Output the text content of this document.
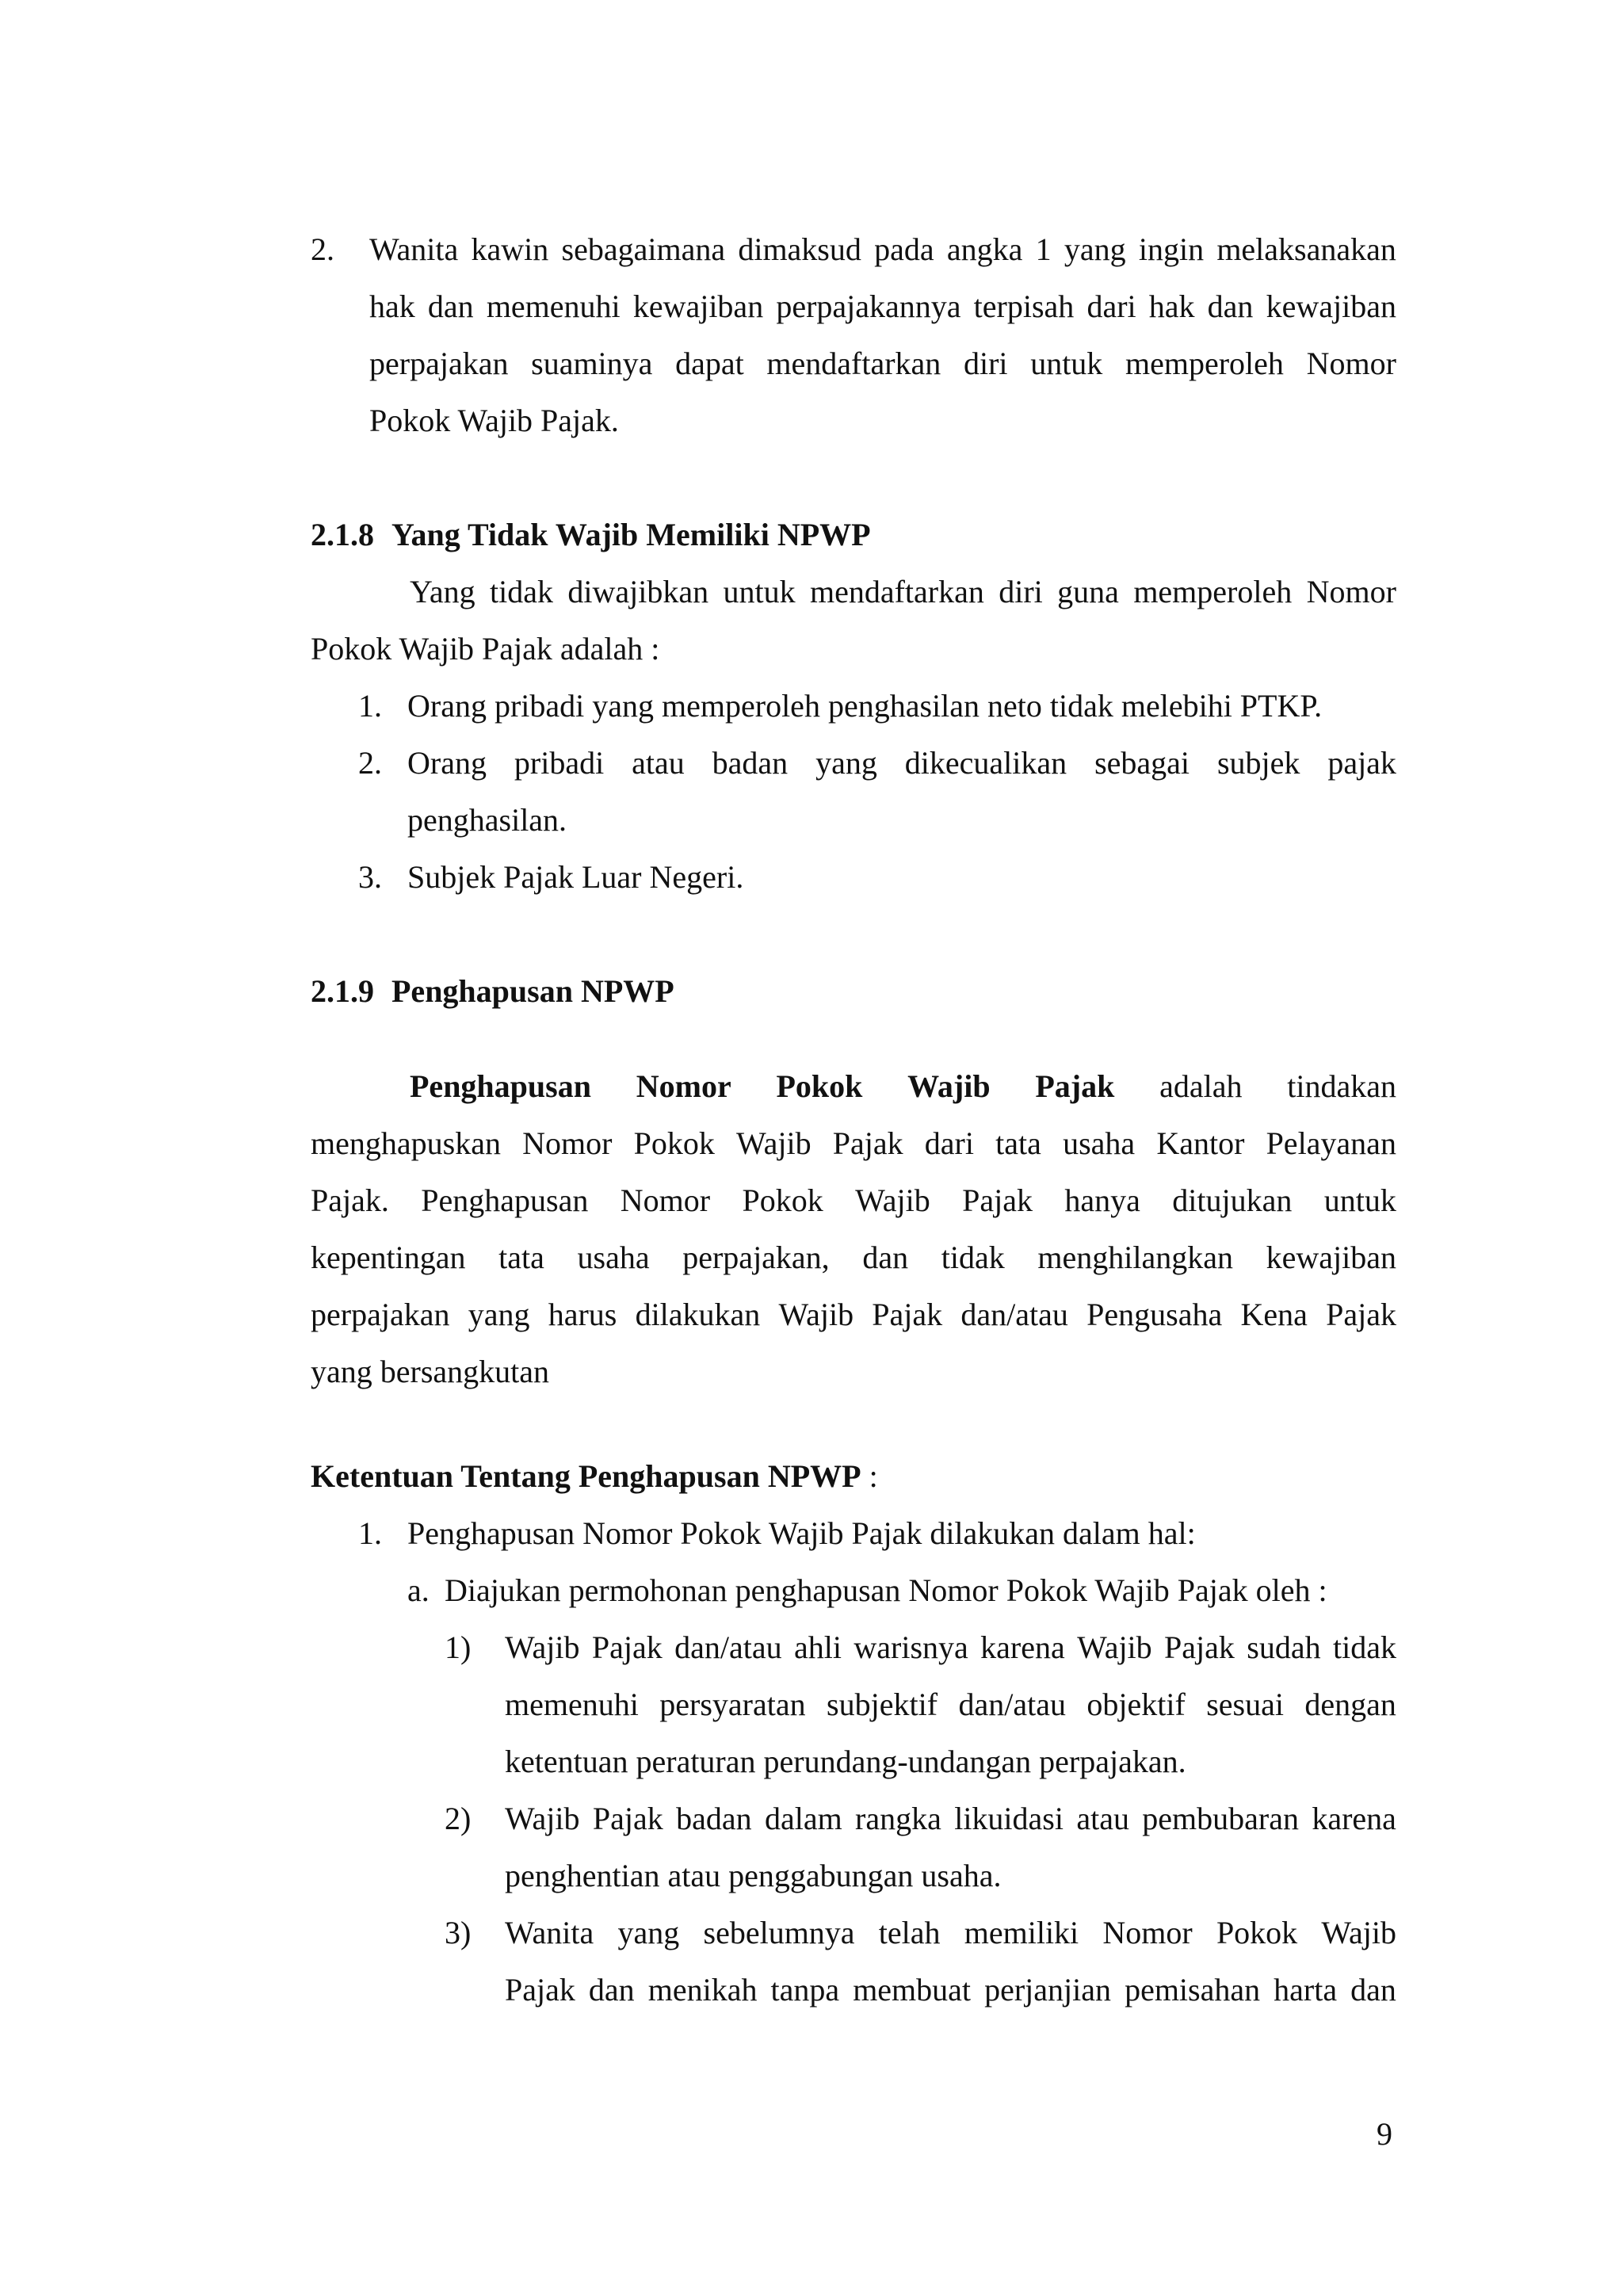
2. Wanita kawin sebagaimana dimaksud pada angka 1 yang ingin melaksanakan

hak dan memenuhi kewajiban perpajakannya terpisah dari hak dan kewajiban

perpajakan suaminya dapat mendaftarkan diri untuk memperoleh Nomor

Pokok Wajib Pajak.

2.1.8 Yang Tidak Wajib Memiliki NPWP

Yang tidak diwajibkan untuk mendaftarkan diri guna memperoleh Nomor

Pokok Wajib Pajak adalah :

1. Orang pribadi yang memperoleh penghasilan neto tidak melebihi PTKP.

2. Orang pribadi atau badan yang dikecualikan sebagai subjek pajak

penghasilan.

3. Subjek Pajak Luar Negeri.

2.1.9 Penghapusan NPWP

Penghapusan Nomor Pokok Wajib Pajak adalah tindakan

menghapuskan Nomor Pokok Wajib Pajak dari tata usaha Kantor Pelayanan

Pajak. Penghapusan Nomor Pokok Wajib Pajak hanya ditujukan untuk

kepentingan tata usaha perpajakan, dan tidak menghilangkan kewajiban

perpajakan yang harus dilakukan Wajib Pajak dan/atau Pengusaha Kena Pajak

yang bersangkutan

Ketentuan Tentang Penghapusan NPWP :
1. Penghapusan Nomor Pokok Wajib Pajak dilakukan dalam hal:

a. Diajukan permohonan penghapusan Nomor Pokok Wajib Pajak oleh :

1) Wajib Pajak dan/atau ahli warisnya karena Wajib Pajak sudah tidak

memenuhi persyaratan subjektif dan/atau objektif sesuai dengan

ketentuan peraturan perundang-undangan perpajakan.

2) Wajib Pajak badan dalam rangka likuidasi atau pembubaran karena

penghentian atau penggabungan usaha.

3) Wanita yang sebelumnya telah memiliki Nomor Pokok Wajib

Pajak dan menikah tanpa membuat perjanjian pemisahan harta dan

9
